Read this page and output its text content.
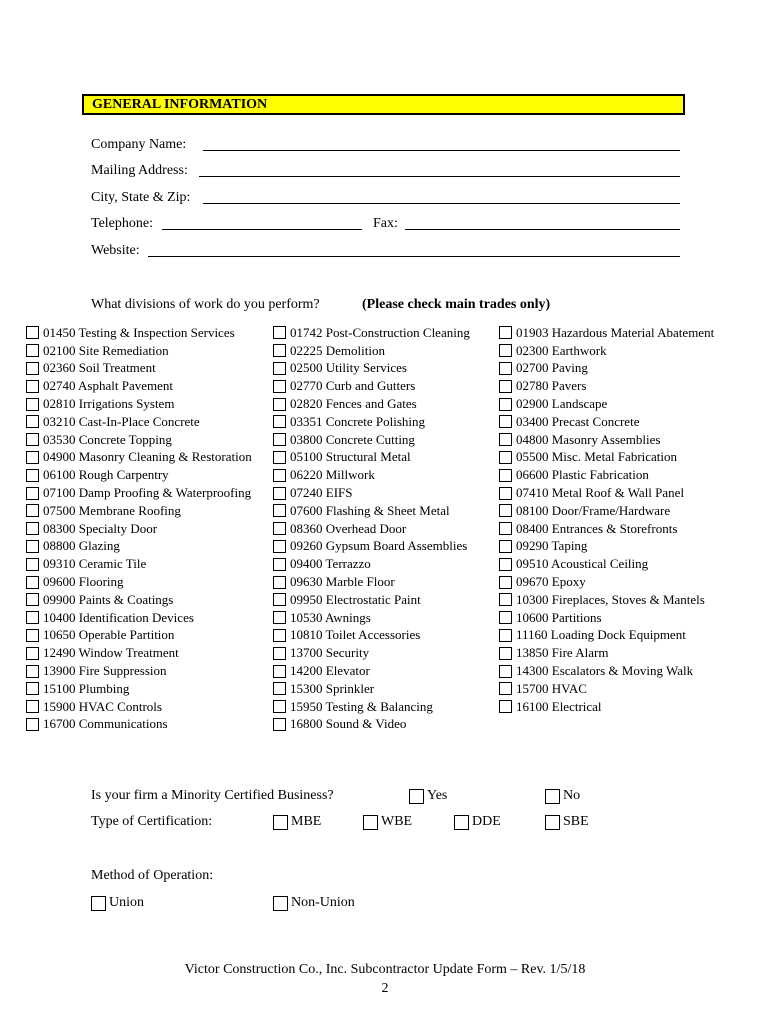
GENERAL INFORMATION
Company Name:
Mailing Address:
City, State & Zip:
Telephone:	Fax:
Website:
What divisions of work do you perform?	(Please check main trades only)
01450 Testing & Inspection Services
02100 Site Remediation
02360 Soil Treatment
02740 Asphalt Pavement
02810 Irrigations System
03210 Cast-In-Place Concrete
03530 Concrete Topping
04900 Masonry Cleaning & Restoration
06100 Rough Carpentry
07100 Damp Proofing & Waterproofing
07500 Membrane Roofing
08300 Specialty Door
08800 Glazing
09310 Ceramic Tile
09600 Flooring
09900 Paints & Coatings
10400 Identification Devices
10650 Operable Partition
12490 Window Treatment
13900 Fire Suppression
15100 Plumbing
15900 HVAC Controls
16700 Communications
01742 Post-Construction Cleaning
02225 Demolition
02500 Utility Services
02770 Curb and Gutters
02820 Fences and Gates
03351 Concrete Polishing
03800 Concrete Cutting
05100 Structural Metal
06220 Millwork
07240 EIFS
07600 Flashing & Sheet Metal
08360 Overhead Door
09260 Gypsum Board Assemblies
09400 Terrazzo
09630 Marble Floor
09950 Electrostatic Paint
10530 Awnings
10810 Toilet Accessories
13700 Security
14200 Elevator
15300 Sprinkler
15950 Testing & Balancing
16800 Sound & Video
01903 Hazardous Material Abatement
02300 Earthwork
02700 Paving
02780 Pavers
02900 Landscape
03400 Precast Concrete
04800 Masonry Assemblies
05500 Misc. Metal Fabrication
06600 Plastic Fabrication
07410 Metal Roof & Wall Panel
08100 Door/Frame/Hardware
08400 Entrances & Storefronts
09290 Taping
09510 Acoustical Ceiling
09670 Epoxy
10300 Fireplaces, Stoves & Mantels
10600 Partitions
11160 Loading Dock Equipment
13850 Fire Alarm
14300 Escalators & Moving Walk
15700 HVAC
16100 Electrical
Is your firm a Minority Certified Business?	Yes	No
Type of Certification:	MBE	WBE	DDE	SBE
Method of Operation:
Union	Non-Union
Victor Construction Co., Inc. Subcontractor Update Form – Rev. 1/5/18
2
